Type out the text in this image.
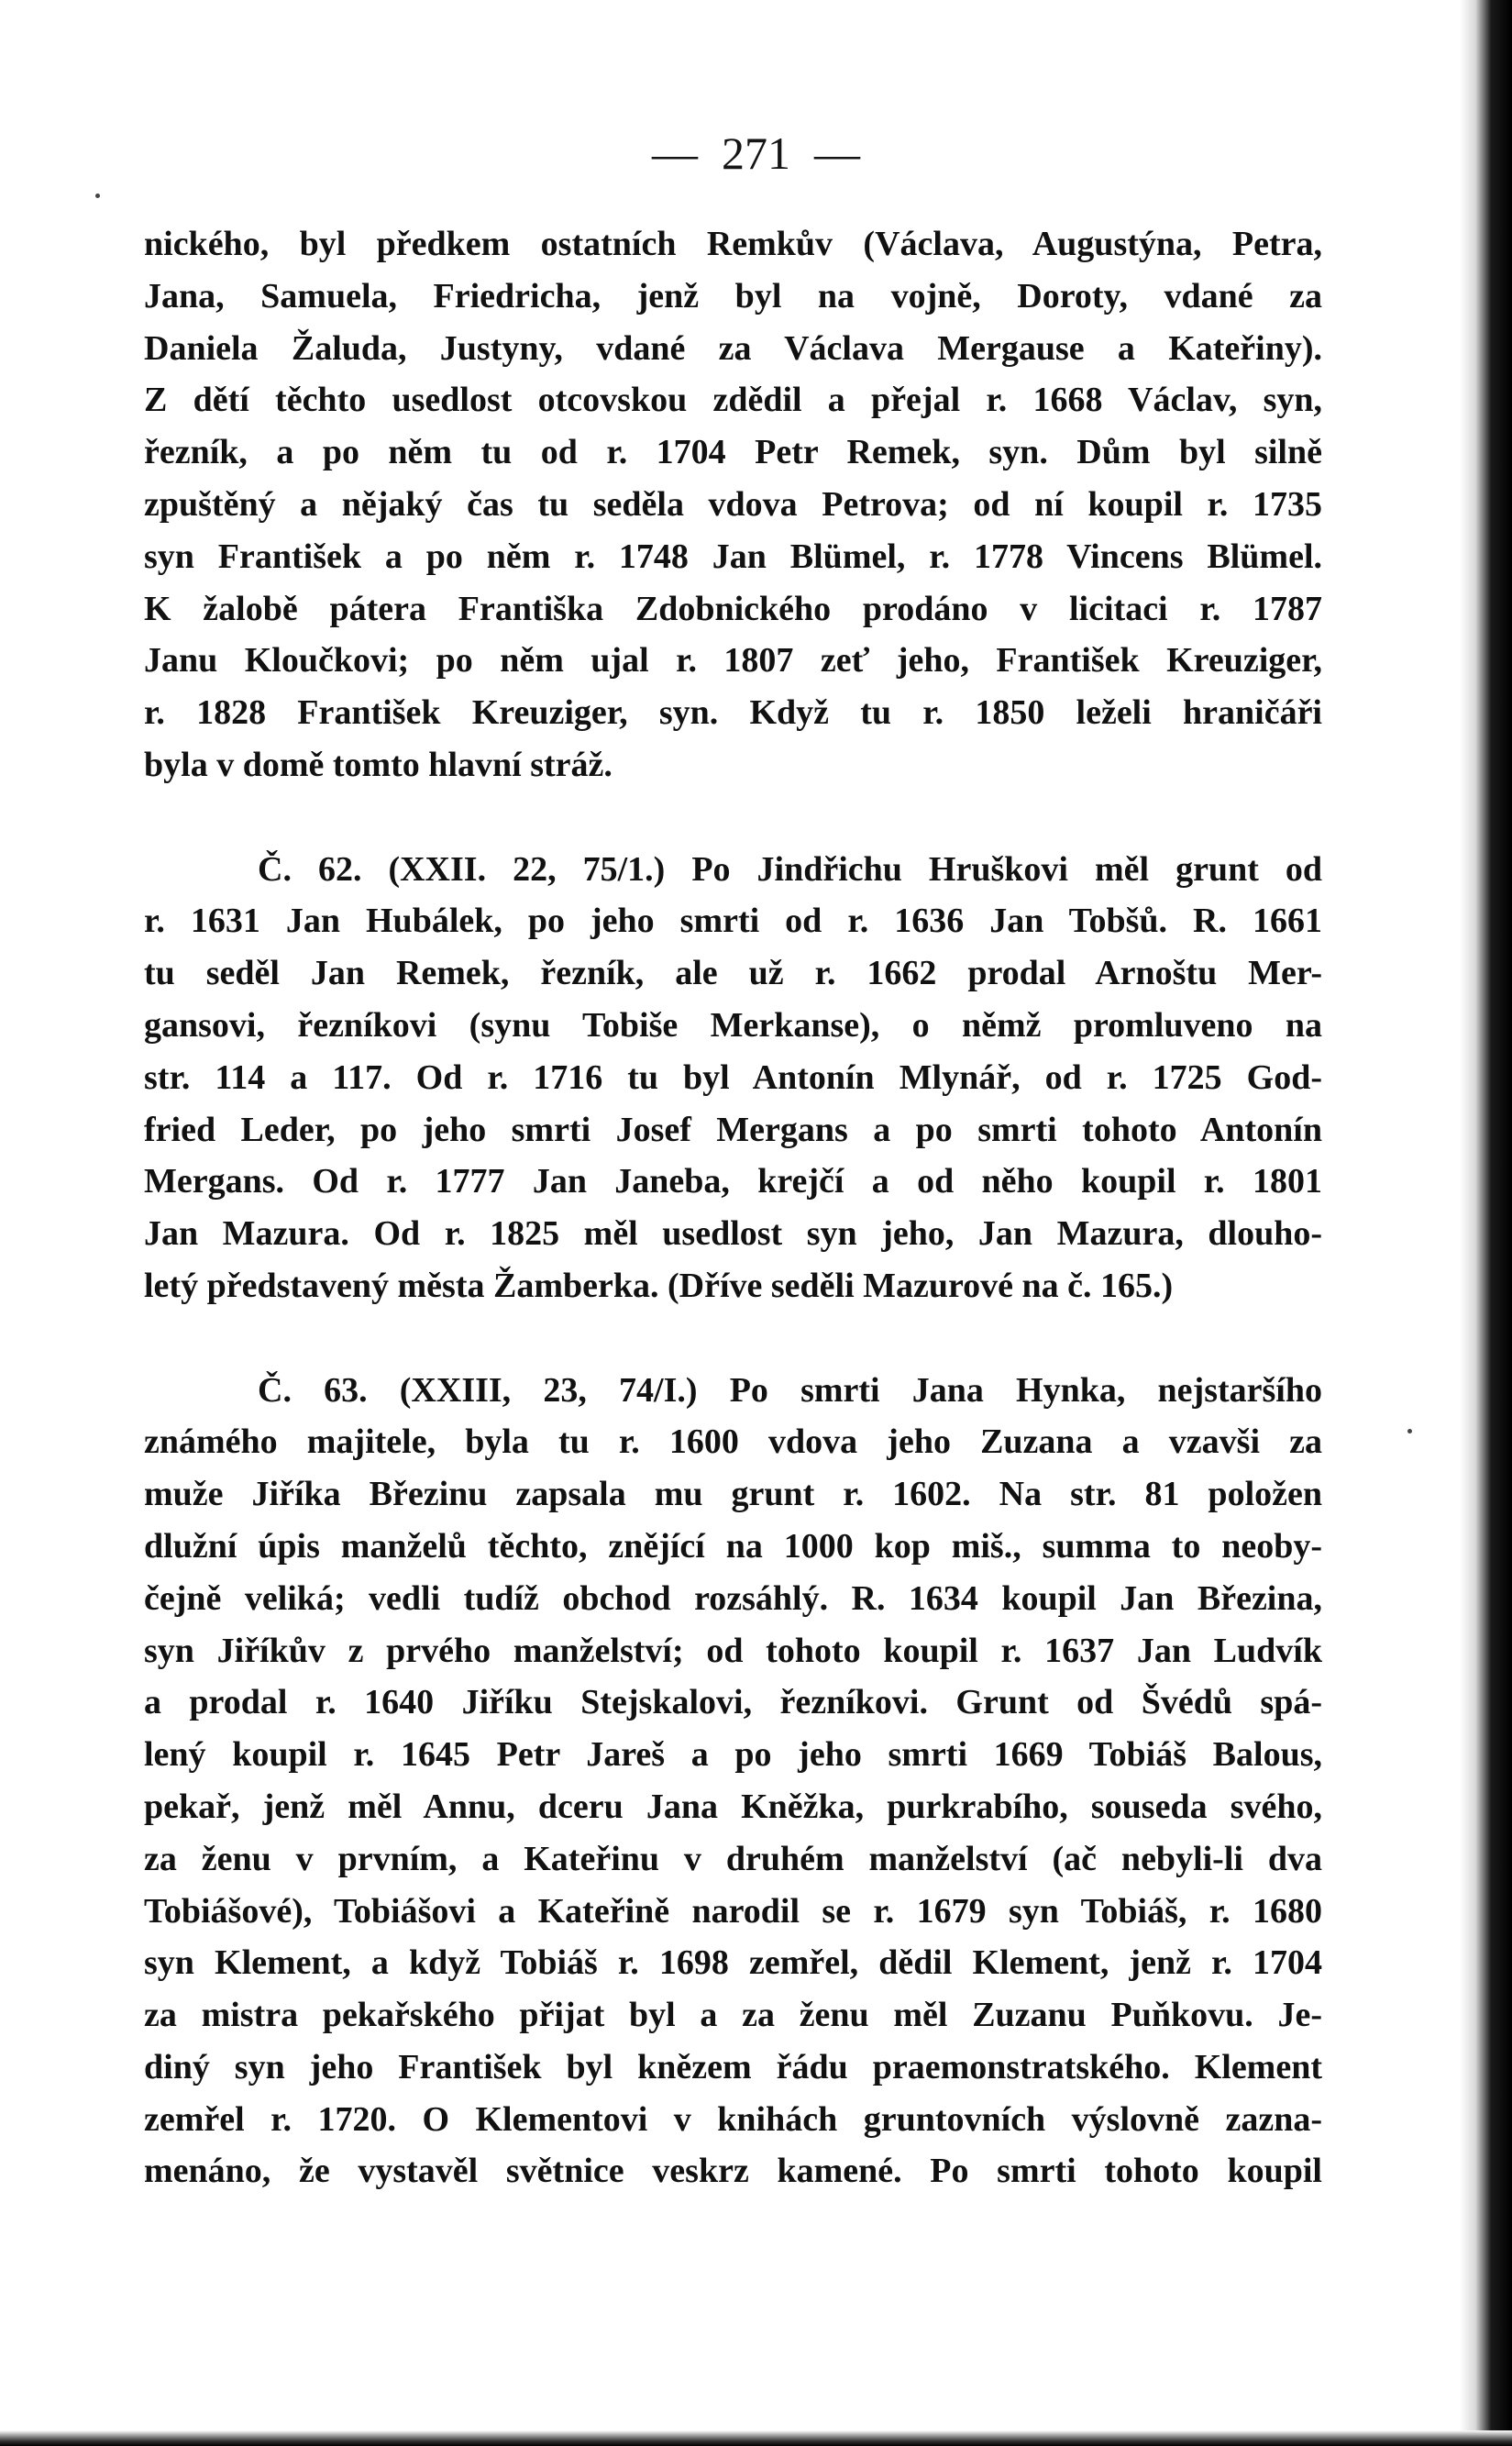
— 271 —
nického, byl předkem ostatních Remkův (Václava, Augustýna, Petra,
Jana, Samuela, Friedricha, jenž byl na vojně, Doroty, vdané za
Daniela Žaluda, Justyny, vdané za Václava Mergause a Kateřiny).
Z dětí těchto usedlost otcovskou zdědil a přejal r. 1668 Václav, syn,
řezník, a po něm tu od r. 1704 Petr Remek, syn. Dům byl silně
zpuštěný a nějaký čas tu seděla vdova Petrova; od ní koupil r. 1735
syn František a po něm r. 1748 Jan Blümel, r. 1778 Vincens Blümel.
K žalobě pátera Františka Zdobnického prodáno v licitaci r. 1787
Janu Kloučkovi; po něm ujal r. 1807 zeť jeho, František Kreuziger,
r. 1828 František Kreuziger, syn. Když tu r. 1850 leželi hraničáři
byla v domě tomto hlavní stráž.
Č. 62. (XXII. 22, 75/1.) Po Jindřichu Hruškovi měl grunt od
r. 1631 Jan Hubálek, po jeho smrti od r. 1636 Jan Tobšů. R. 1661
tu seděl Jan Remek, řezník, ale už r. 1662 prodal Arnoštu Mer-
gansovi, řezníkovi (synu Tobiše Merkanse), o němž promluveno na
str. 114 a 117. Od r. 1716 tu byl Antonín Mlynář, od r. 1725 God-
fried Leder, po jeho smrti Josef Mergans a po smrti tohoto Antonín
Mergans. Od r. 1777 Jan Janeba, krejčí a od něho koupil r. 1801
Jan Mazura. Od r. 1825 měl usedlost syn jeho, Jan Mazura, dlouho-
letý představený města Žamberka. (Dříve seděli Mazurové na č. 165.)
Č. 63. (XXIII, 23, 74/I.) Po smrti Jana Hynka, nejstaršího
známého majitele, byla tu r. 1600 vdova jeho Zuzana a vzavši za
muže Jiříka Březinu zapsala mu grunt r. 1602. Na str. 81 položen
dlužní úpis manželů těchto, znějící na 1000 kop miš., summa to neoby-
čejně veliká; vedli tudíž obchod rozsáhlý. R. 1634 koupil Jan Březina,
syn Jiříkův z prvého manželství; od tohoto koupil r. 1637 Jan Ludvík
a prodal r. 1640 Jiříku Stejskalovi, řezníkovi. Grunt od Švédů spá-
lený koupil r. 1645 Petr Jareš a po jeho smrti 1669 Tobiáš Balous,
pekař, jenž měl Annu, dceru Jana Kněžka, purkrabího, souseda svého,
za ženu v prvním, a Kateřinu v druhém manželství (ač nebyli-li dva
Tobiášové), Tobiášovi a Kateřině narodil se r. 1679 syn Tobiáš, r. 1680
syn Klement, a když Tobiáš r. 1698 zemřel, dědil Klement, jenž r. 1704
za mistra pekařského přijat byl a za ženu měl Zuzanu Puňkovu. Je-
diný syn jeho František byl knězem řádu praemonstratského. Klement
zemřel r. 1720. O Klementovi v knihách gruntovních výslovně zazna-
menáno, že vystavěl světnice veskrz kamené. Po smrti tohoto koupil
